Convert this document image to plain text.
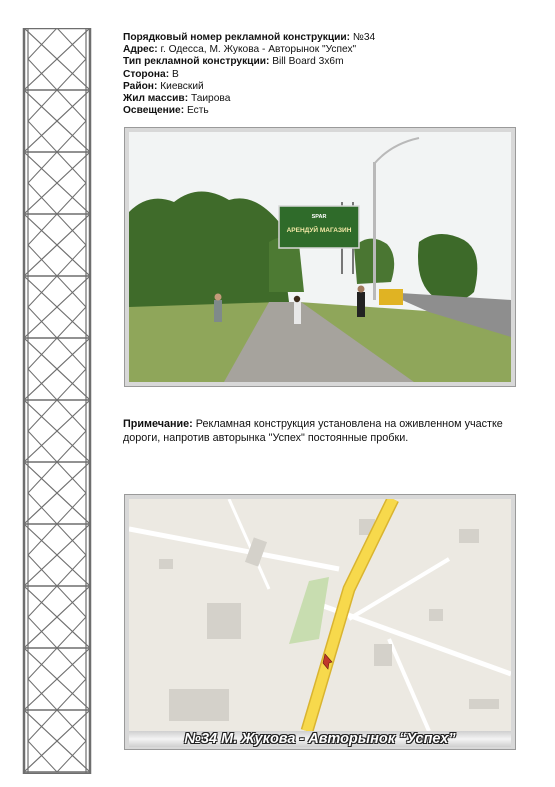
Порядковый номер рекламной конструкции: №34
Адрес: г. Одесса, М. Жукова - Авторынок "Успех"
Тип рекламной конструкции: Bill Board 3x6m
Сторона: В
Район: Киевский
Жил массив: Таирова
Освещение: Есть
SPAR
АРЕНДУЙ МАГАЗИН
Примечание: Рекламная конструкция установлена на оживленном участке дороги, напротив авторынка "Успех" постоянные пробки.
№34 М. Жукова - Авторынок “Успех”
